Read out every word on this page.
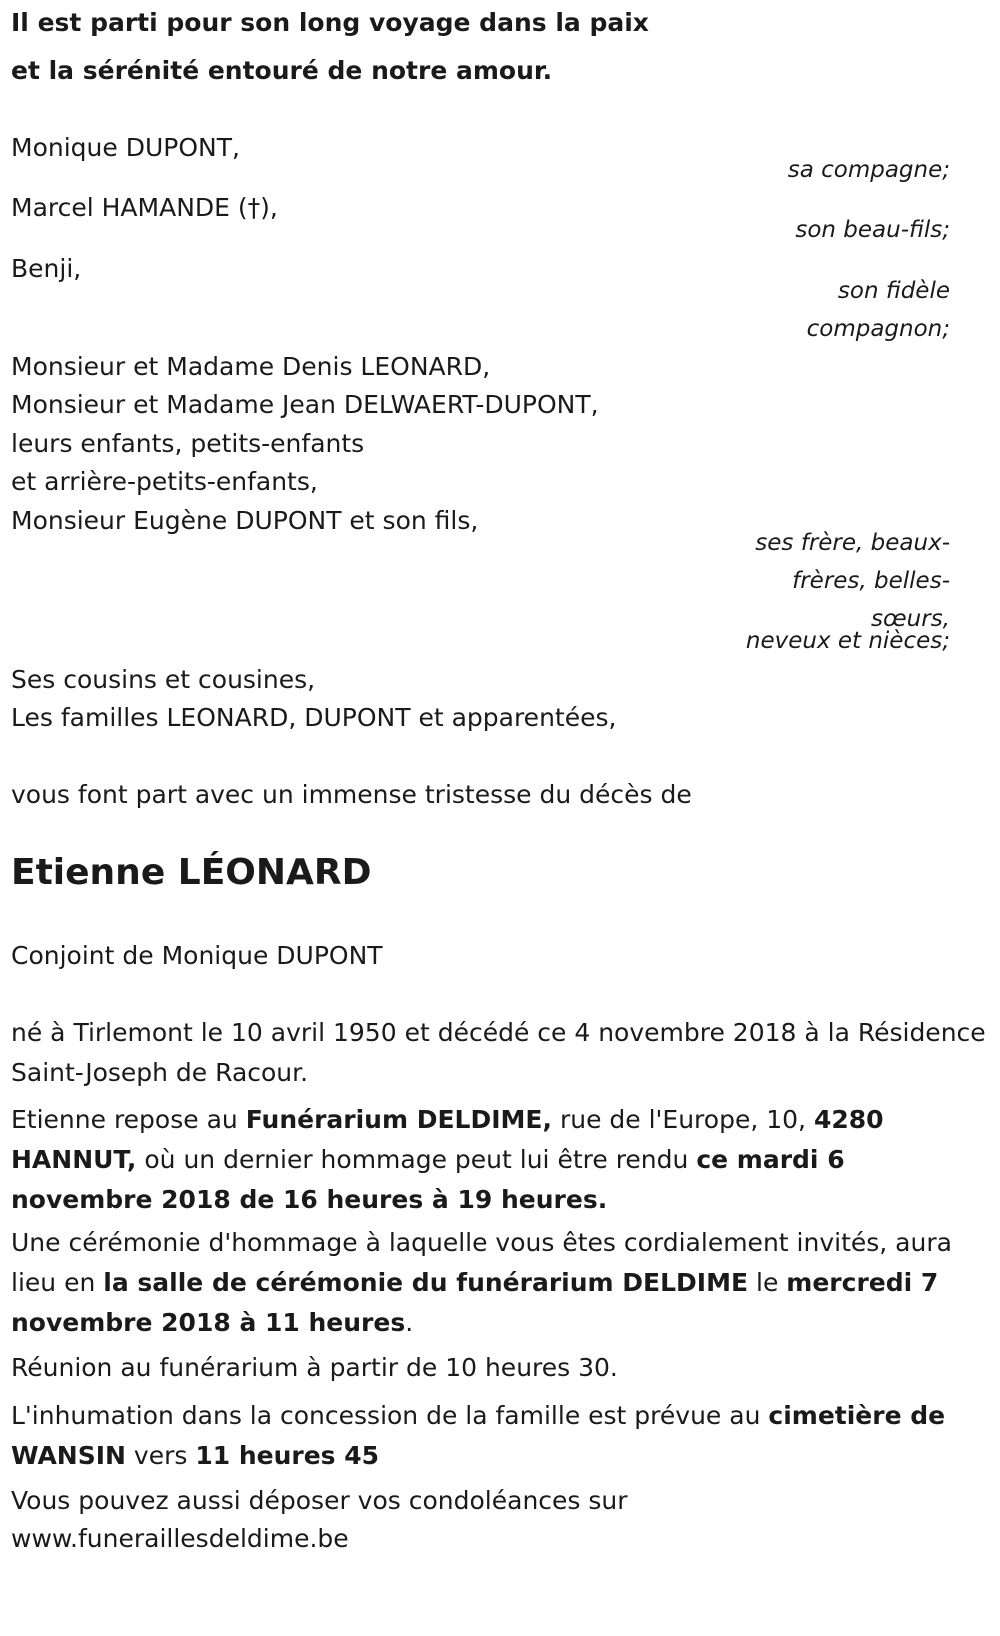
Il est parti pour son long voyage dans la paix
et la sérénité entouré de notre amour.
Monique DUPONT,
sa compagne;
Marcel HAMANDE (†),
son beau-fils;
Benji,
son fidèle
compagnon;
Monsieur et Madame Denis LEONARD,
Monsieur et Madame Jean DELWAERT-DUPONT,
leurs enfants, petits-enfants
et arrière-petits-enfants,
Monsieur Eugène DUPONT et son fils,
ses frère, beaux-
frères, belles-
sœurs,
neveux et nièces;
Ses cousins et cousines,
Les familles LEONARD, DUPONT et apparentées,
vous font part avec un immense tristesse du décès de
Etienne LÉONARD
Conjoint de Monique DUPONT

né à Tirlemont le 10 avril 1950 et décédé ce 4 novembre 2018 à la Résidence Saint-Joseph de Racour.

Etienne repose au Funérarium DELDIME, rue de l'Europe, 10, 4280 HANNUT, où un dernier hommage peut lui être rendu ce mardi 6 novembre 2018 de 16 heures à 19 heures.

Une cérémonie d'hommage à laquelle vous êtes cordialement invités, aura lieu en la salle de cérémonie du funérarium DELDIME le mercredi 7 novembre 2018 à 11 heures.

Réunion au funérarium à partir de 10 heures 30.

L'inhumation dans la concession de la famille est prévue au cimetière de WANSIN vers 11 heures 45

Vous pouvez aussi déposer vos condoléances sur
www.funeraillesdeldime.be
